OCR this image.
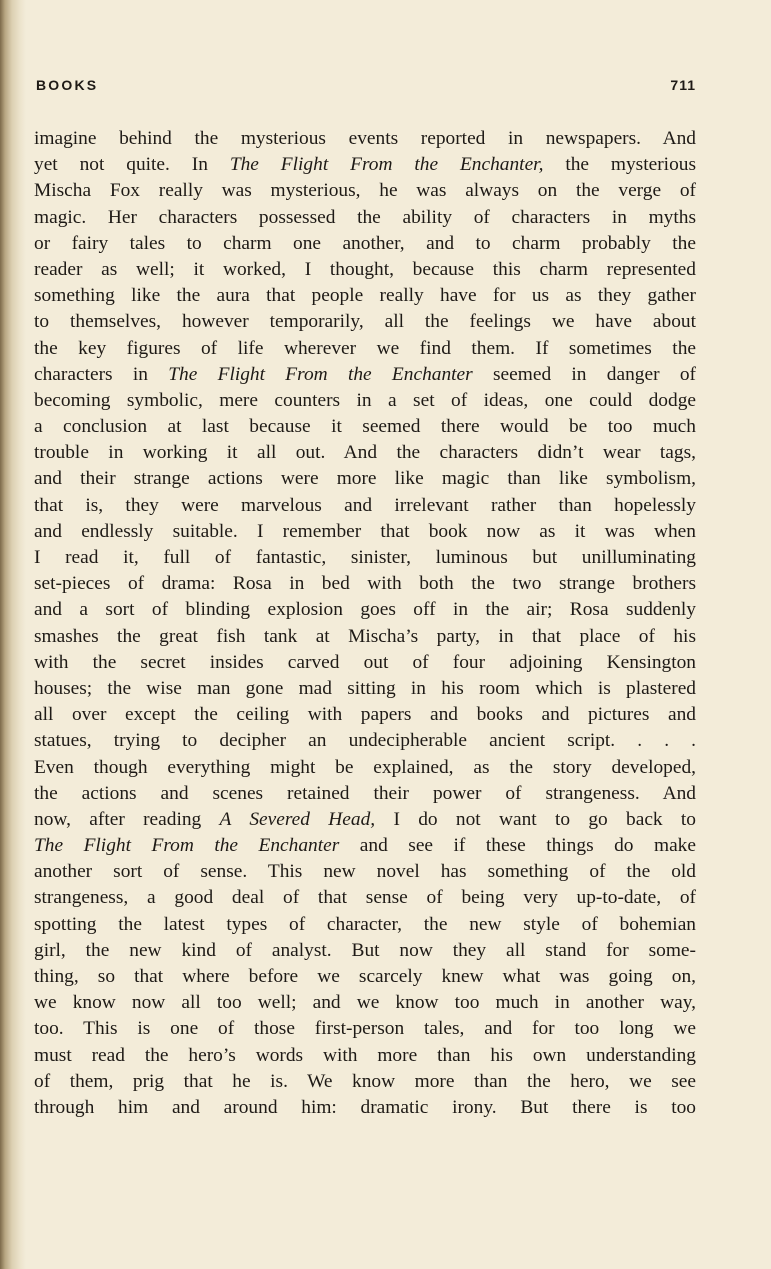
BOOKS	711
imagine behind the mysterious events reported in newspapers. And
yet not quite. In The Flight From the Enchanter, the mysterious
Mischa Fox really was mysterious, he was always on the verge of
magic. Her characters possessed the ability of characters in myths
or fairy tales to charm one another, and to charm probably the
reader as well; it worked, I thought, because this charm represented
something like the aura that people really have for us as they gather
to themselves, however temporarily, all the feelings we have about
the key figures of life wherever we find them. If sometimes the
characters in The Flight From the Enchanter seemed in danger of
becoming symbolic, mere counters in a set of ideas, one could dodge
a conclusion at last because it seemed there would be too much
trouble in working it all out. And the characters didn’t wear tags,
and their strange actions were more like magic than like symbolism,
that is, they were marvelous and irrelevant rather than hopelessly
and endlessly suitable. I remember that book now as it was when
I read it, full of fantastic, sinister, luminous but unilluminating
set-pieces of drama: Rosa in bed with both the two strange brothers
and a sort of blinding explosion goes off in the air; Rosa suddenly
smashes the great fish tank at Mischa’s party, in that place of his
with the secret insides carved out of four adjoining Kensington
houses; the wise man gone mad sitting in his room which is plastered
all over except the ceiling with papers and books and pictures and
statues, trying to decipher an undecipherable ancient script. . . .
Even though everything might be explained, as the story developed,
the actions and scenes retained their power of strangeness. And
now, after reading A Severed Head, I do not want to go back to
The Flight From the Enchanter and see if these things do make
another sort of sense. This new novel has something of the old
strangeness, a good deal of that sense of being very up-to-date, of
spotting the latest types of character, the new style of bohemian
girl, the new kind of analyst. But now they all stand for some-
thing, so that where before we scarcely knew what was going on,
we know now all too well; and we know too much in another way,
too. This is one of those first-person tales, and for too long we
must read the hero’s words with more than his own understanding
of them, prig that he is. We know more than the hero, we see
through him and around him: dramatic irony. But there is too
